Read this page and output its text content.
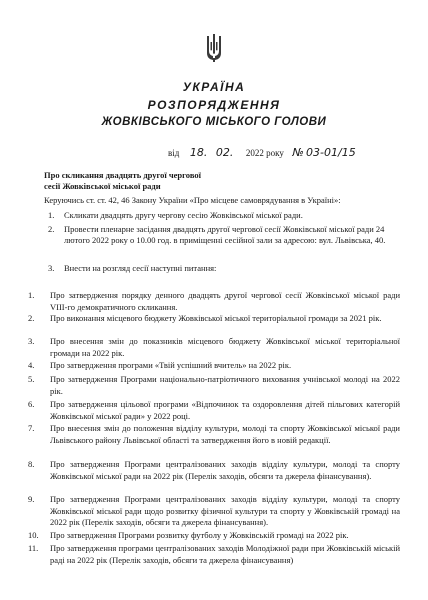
УКРАЇНА
РОЗПОРЯДЖЕННЯ
ЖОВКІВСЬКОГО МІСЬКОГО ГОЛОВИ
від 18. 02. 2022 року № 03-01/15
Про скликання двадцять другої чергової
сесії Жовківської міської ради
Керуючись ст. ст. 42, 46 Закону України «Про місцеве самоврядування в Україні»:
1.	Скликати двадцять другу чергову сесію Жовківської міської ради.
2.	Провести пленарне засідання двадцять другої чергової сесії Жовківської міської ради 24 лютого 2022 року о 10.00 год. в приміщенні сесійної зали за адресою: вул. Львівська, 40.
3.	Внести на розгляд сесії наступні питання:
1.	Про затвердження порядку денного двадцять другої чергової сесії Жовківської міської ради VIII-го демократичного скликання.
2.	Про виконання місцевого бюджету Жовківської міської територіальної громади за 2021 рік.
3.	Про внесення змін до показників місцевого бюджету Жовківської міської територіальної громади на 2022 рік.
4.	Про затвердження програми «Твій успішний вчитель» на 2022 рік.
5.	Про затвердження Програми національно-патріотичного виховання учнівської молоді на 2022 рік.
6.	Про затвердження цільової програми «Відпочинок та оздоровлення дітей пільгових категорій Жовківської міської ради» у 2022 році.
7.	Про внесення змін до положення відділу культури, молоді та спорту Жовківської міської ради Львівського району Львівської області та затвердження його в новій редакції.
8.	Про затвердження Програми централізованих заходів відділу культури, молоді та спорту Жовківської міської ради на 2022 рік (Перелік заходів, обсяги та джерела фінансування).
9.	Про затвердження Програми централізованих заходів відділу культури, молоді та спорту Жовківської міської ради щодо розвитку фізичної культури та спорту у Жовківській громаді на 2022 рік (Перелік заходів, обсяги та джерела фінансування).
10.	Про затвердження Програми розвитку футболу у Жовківській громаді на 2022 рік.
11.	Про затвердження програми централізованих заходів Молодіжної ради при Жовківській міській раді на 2022 рік (Перелік заходів, обсяги та джерела фінансування)
